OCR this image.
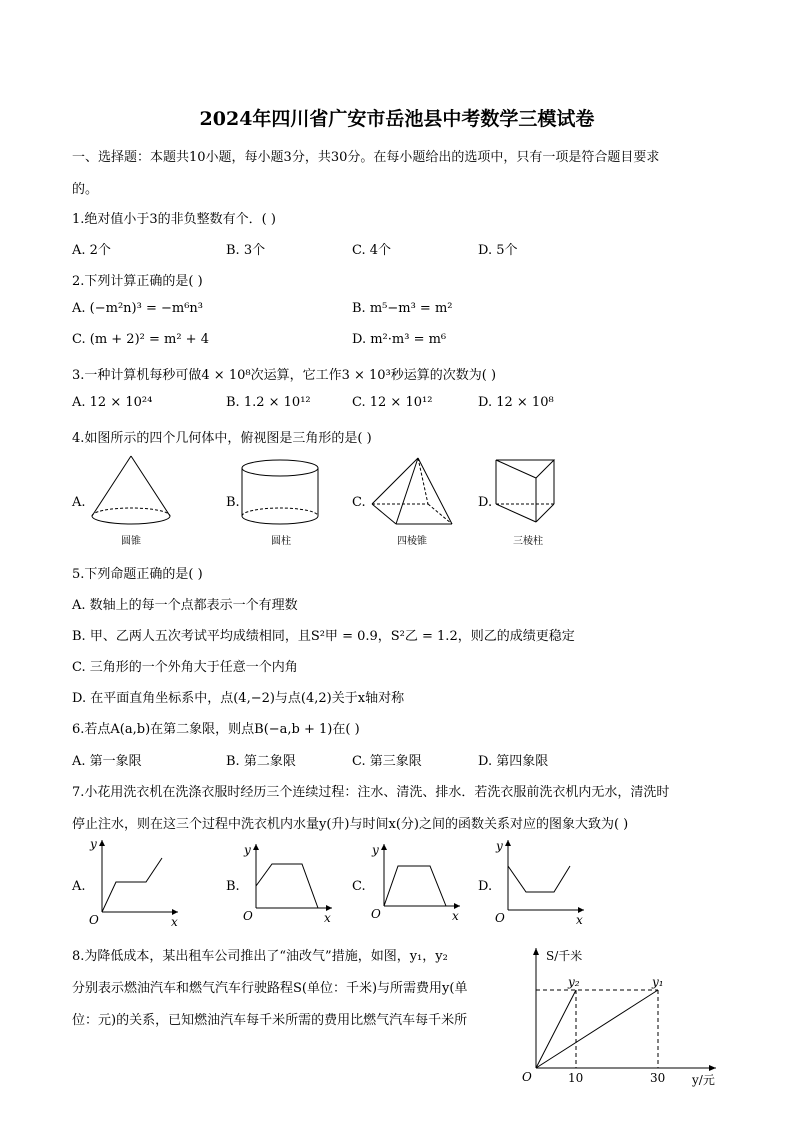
2024年四川省广安市岳池县中考数学三模试卷
一、选择题：本题共10小题，每小题3分，共30分。在每小题给出的选项中，只有一项是符合题目要求
的。
1.绝对值小于3的非负整数有个．( )
A. 2个	B. 3个	C. 4个	D. 5个
2.下列计算正确的是( )
A. (−m²n)³ = −m⁶n³	B. m⁵−m³ = m²
C. (m + 2)² = m² + 4	D. m²·m³ = m⁶
3.一种计算机每秒可做4 × 10⁸次运算，它工作3 × 10³秒运算的次数为( )
A. 12 × 10²⁴	B. 1.2 × 10¹²	C. 12 × 10¹²	D. 12 × 10⁸
4.如图所示的四个几何体中，俯视图是三角形的是( )
A.	B.	C.	D.
圆锥	圆柱	四棱锥	三棱柱
5.下列命题正确的是( )
A. 数轴上的每一个点都表示一个有理数
B. 甲、乙两人五次考试平均成绩相同，且S²甲 = 0.9，S²乙 = 1.2，则乙的成绩更稳定
C. 三角形的一个外角大于任意一个内角
D. 在平面直角坐标系中，点(4,−2)与点(4,2)关于x轴对称
6.若点A(a,b)在第二象限，则点B(−a,b + 1)在( )
A. 第一象限	B. 第二象限	C. 第三象限	D. 第四象限
7.小花用洗衣机在洗涤衣服时经历三个连续过程：注水、清洗、排水．若洗衣服前洗衣机内无水，清洗时
停止注水，则在这三个过程中洗衣机内水量y(升)与时间x(分)之间的函数关系对应的图象大致为( )
A.	B.	C.	D.
y
x
O
y
x
O
y
x
O
y
x
O
8.为降低成本，某出租车公司推出了“油改气”措施，如图，y₁，y₂
分别表示燃油汽车和燃气汽车行驶路程S(单位：千米)与所需费用y(单
位：元)的关系，已知燃油汽车每千米所需的费用比燃气汽车每千米所
S/千米
y/元
O	10	30
y₂	y₁
